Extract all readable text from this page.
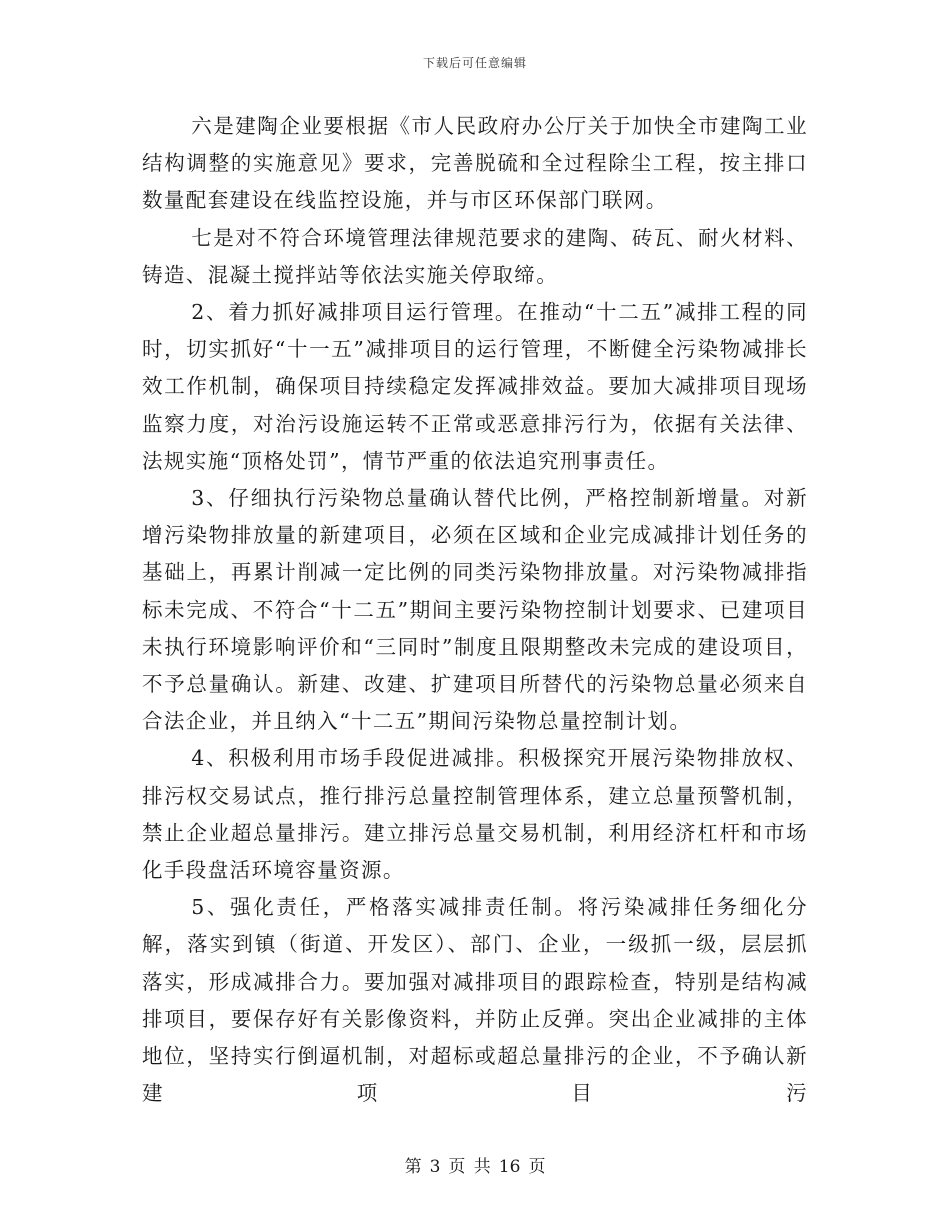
下载后可任意编辑

六是建陶企业要根据《市人民政府办公厅关于加快全市建陶工业结构调整的实施意见》要求，完善脱硫和全过程除尘工程，按主排口数量配套建设在线监控设施，并与市区环保部门联网。

七是对不符合环境管理法律规范要求的建陶、砖瓦、耐火材料、铸造、混凝土搅拌站等依法实施关停取缔。

2、着力抓好减排项目运行管理。在推动“十二五”减排工程的同时，切实抓好“十一五”减排项目的运行管理，不断健全污染物减排长效工作机制，确保项目持续稳定发挥减排效益。要加大减排项目现场监察力度，对治污设施运转不正常或恶意排污行为，依据有关法律、法规实施“顶格处罚”，情节严重的依法追究刑事责任。

3、仔细执行污染物总量确认替代比例，严格控制新增量。对新增污染物排放量的新建项目，必须在区域和企业完成减排计划任务的基础上，再累计削减一定比例的同类污染物排放量。对污染物减排指标未完成、不符合“十二五”期间主要污染物控制计划要求、已建项目未执行环境影响评价和“三同时”制度且限期整改未完成的建设项目，不予总量确认。新建、改建、扩建项目所替代的污染物总量必须来自合法企业，并且纳入“十二五”期间污染物总量控制计划。

4、积极利用市场手段促进减排。积极探究开展污染物排放权、排污权交易试点，推行排污总量控制管理体系，建立总量预警机制，禁止企业超总量排污。建立排污总量交易机制，利用经济杠杆和市场化手段盘活环境容量资源。

5、强化责任，严格落实减排责任制。将污染减排任务细化分解，落实到镇（街道、开发区）、部门、企业，一级抓一级，层层抓落实，形成减排合力。要加强对减排项目的跟踪检查，特别是结构减排项目，要保存好有关影像资料，并防止反弹。突出企业减排的主体地位，坚持实行倒逼机制，对超标或超总量排污的企业，不予确认新建项目污

第 3 页 共 16 页
